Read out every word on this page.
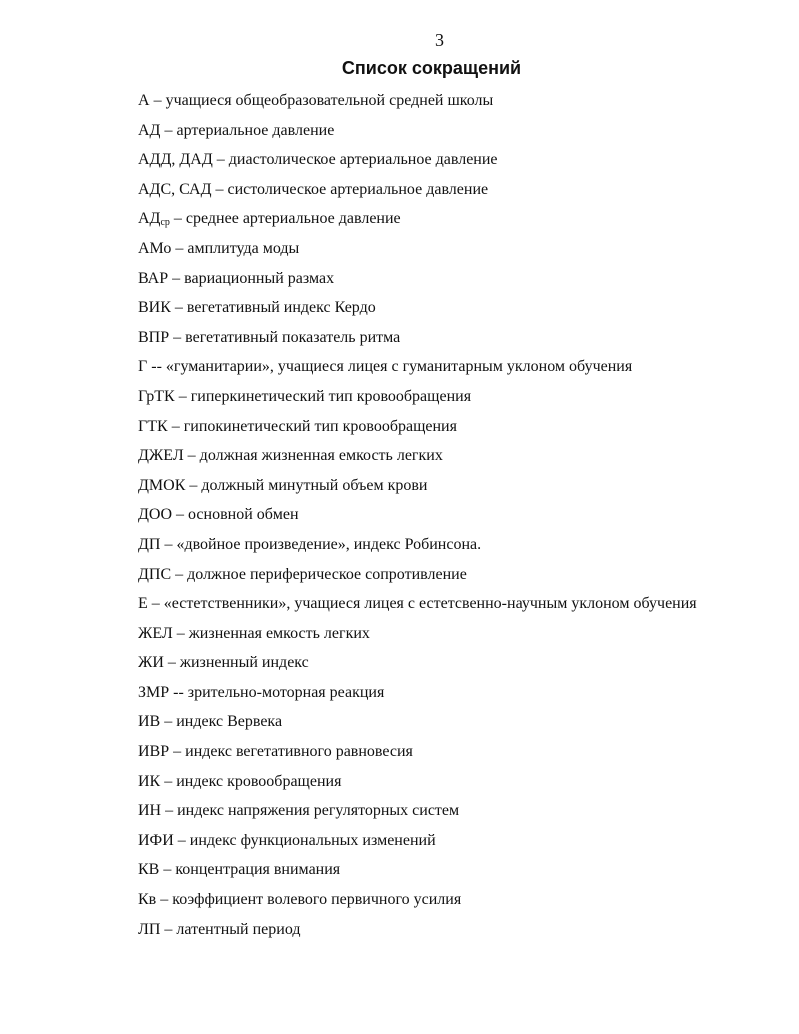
3
Список сокращений
А – учащиеся общеобразовательной средней школы
АД – артериальное давление
АДД, ДАД – диастолическое артериальное давление
АДС, САД – систолическое артериальное давление
$АД_{ср}$ – среднее артериальное давление
АМо – амплитуда моды
ВАР – вариационный размах
ВИК – вегетативный индекс Кердо
ВПР – вегетативный показатель ритма
Г -- «гуманитарии», учащиеся лицея с гуманитарным уклоном обучения
ГрТК – гиперкинетический тип кровообращения
ГТК – гипокинетический тип кровообращения
ДЖЕЛ – должная жизненная емкость легких
ДМОК – должный минутный объем крови
ДОО – основной обмен
ДП – «двойное произведение», индекс Робинсона.
ДПС – должное периферическое сопротивление
Е – «естетственники», учащиеся лицея с естетсвенно-научным уклоном обучения
ЖЕЛ – жизненная емкость легких
ЖИ – жизненный индекс
ЗМР -- зрительно-моторная реакция
ИВ – индекс Вервека
ИВР – индекс вегетативного равновесия
ИК – индекс кровообращения
ИН – индекс напряжения регуляторных систем
ИФИ – индекс функциональных изменений
КВ – концентрация внимания
Кв – коэффициент волевого первичного усилия
ЛП – латентный период
